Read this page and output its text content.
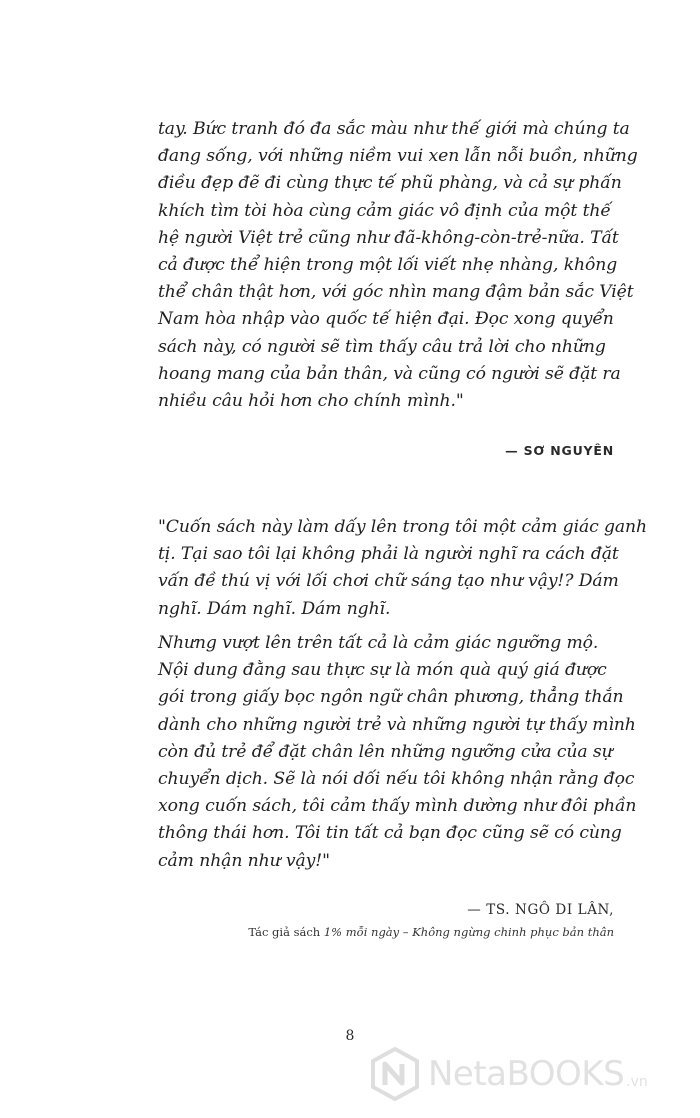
tay. Bức tranh đó đa sắc màu như thế giới mà chúng ta
đang sống, với những niềm vui xen lẫn nỗi buồn, những
điều đẹp đẽ đi cùng thực tế phũ phàng, và cả sự phấn
khích tìm tòi hòa cùng cảm giác vô định của một thế
hệ người Việt trẻ cũng như đã-không-còn-trẻ-nữa. Tất
cả được thể hiện trong một lối viết nhẹ nhàng, không
thể chân thật hơn, với góc nhìn mang đậm bản sắc Việt
Nam hòa nhập vào quốc tế hiện đại. Đọc xong quyển
sách này, có người sẽ tìm thấy câu trả lời cho những
hoang mang của bản thân, và cũng có người sẽ đặt ra
nhiều câu hỏi hơn cho chính mình."

— SƠ NGUYÊN

"Cuốn sách này làm dấy lên trong tôi một cảm giác ganh
tị. Tại sao tôi lại không phải là người nghĩ ra cách đặt
vấn đề thú vị với lối chơi chữ sáng tạo như vậy!? Dám
nghĩ. Dám nghĩ. Dám nghĩ.

Nhưng vượt lên trên tất cả là cảm giác ngưỡng mộ.
Nội dung đằng sau thực sự là món quà quý giá được
gói trong giấy bọc ngôn ngữ chân phương, thẳng thắn
dành cho những người trẻ và những người tự thấy mình
còn đủ trẻ để đặt chân lên những ngưỡng cửa của sự
chuyển dịch. Sẽ là nói dối nếu tôi không nhận rằng đọc
xong cuốn sách, tôi cảm thấy mình dường như đôi phần
thông thái hơn. Tôi tin tất cả bạn đọc cũng sẽ có cùng
cảm nhận như vậy!"

— TS. NGÔ DI LÂN,
Tác giả sách 1% mỗi ngày – Không ngừng chinh phục bản thân
8
NetaBOOKS .vn
